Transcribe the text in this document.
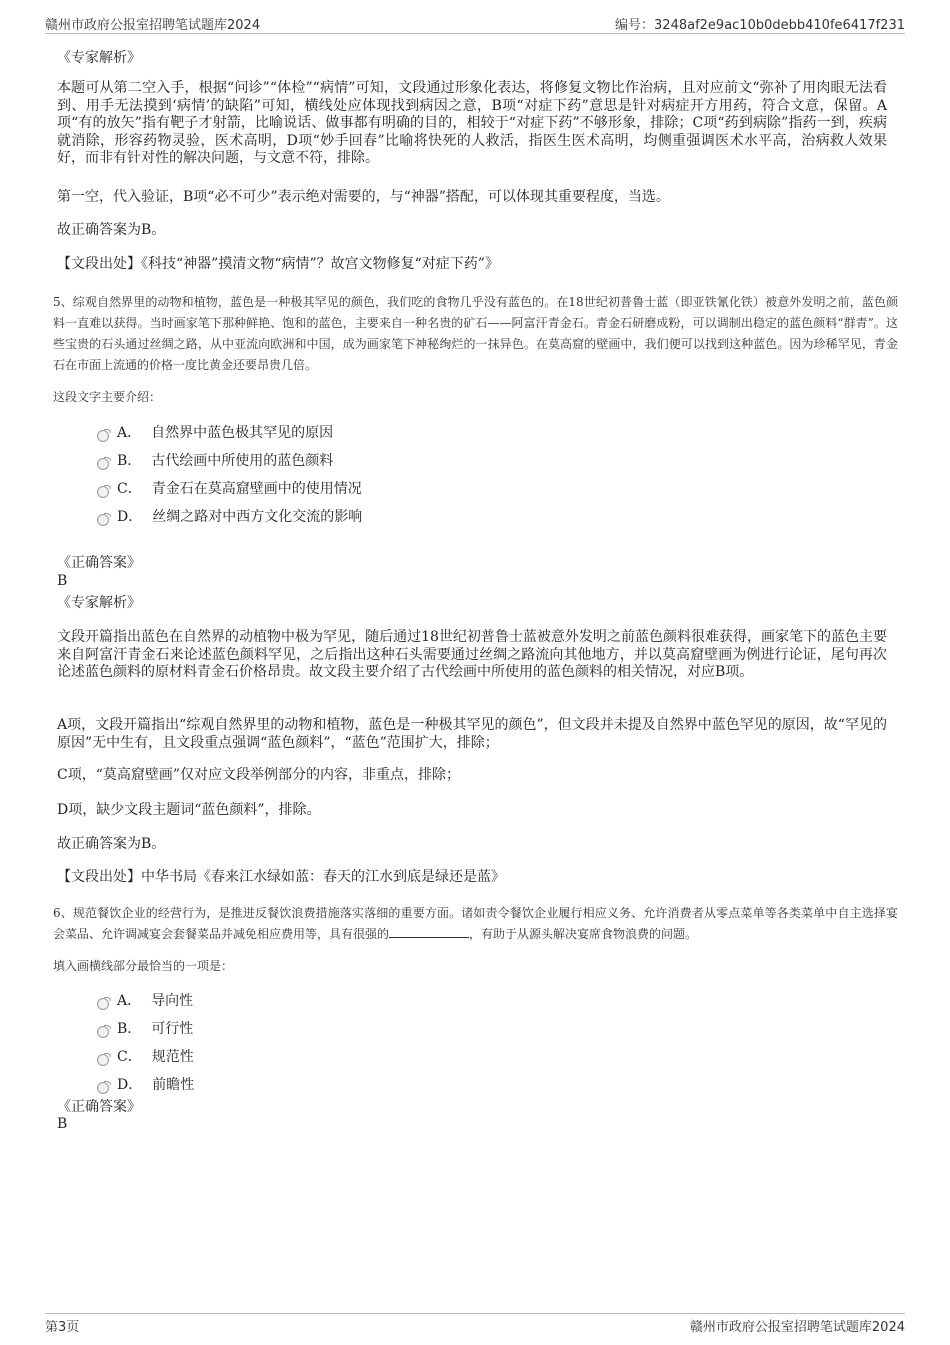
赣州市政府公报室招聘笔试题库2024	编号：3248af2e9ac10b0debb410fe6417f231
《专家解析》
本题可从第二空入手，根据“问诊”“体检”“病情”可知，文段通过形象化表达，将修复文物比作治病，且对应前文“弥补了用肉眼无法看到、用手无法摸到‘病情’的缺陷”可知，横线处应体现找到病因之意，B项“对症下药”意思是针对病症开方用药，符合文意，保留。A项“有的放矢”指有靶子才射箭，比喻说话、做事都有明确的目的，相较于“对症下药”不够形象，排除；C项“药到病除”指药一到，疾病就消除，形容药物灵验，医术高明，D项“妙手回春”比喻将快死的人救活，指医生医术高明，均侧重强调医术水平高，治病救人效果好，而非有针对性的解决问题，与文意不符，排除。
第一空，代入验证，B项“必不可少”表示绝对需要的，与“神器”搭配，可以体现其重要程度，当选。
故正确答案为B。
【文段出处】《科技“神器”摸清文物“病情”？故宫文物修复“对症下药”》
5、综观自然界里的动物和植物，蓝色是一种极其罕见的颜色，我们吃的食物几乎没有蓝色的。在18世纪初普鲁士蓝（即亚铁氰化铁）被意外发明之前，蓝色颜料一直难以获得。当时画家笔下那种鲜艳、饱和的蓝色，主要来自一种名贵的矿石——阿富汗青金石。青金石研磨成粉，可以调制出稳定的蓝色颜料“群青”。这些宝贵的石头通过丝绸之路，从中亚流向欧洲和中国，成为画家笔下神秘绚烂的一抹异色。在莫高窟的壁画中，我们便可以找到这种蓝色。因为珍稀罕见，青金石在市面上流通的价格一度比黄金还要昂贵几倍。
这段文字主要介绍：
A． 自然界中蓝色极其罕见的原因
B． 古代绘画中所使用的蓝色颜料
C． 青金石在莫高窟壁画中的使用情况
D． 丝绸之路对中西方文化交流的影响
《正确答案》
B
《专家解析》
文段开篇指出蓝色在自然界的动植物中极为罕见，随后通过18世纪初普鲁士蓝被意外发明之前蓝色颜料很难获得，画家笔下的蓝色主要来自阿富汗青金石来论述蓝色颜料罕见，之后指出这种石头需要通过丝绸之路流向其他地方，并以莫高窟壁画为例进行论证，尾句再次论述蓝色颜料的原材料青金石价格昂贵。故文段主要介绍了古代绘画中所使用的蓝色颜料的相关情况，对应B项。
A项，文段开篇指出“综观自然界里的动物和植物，蓝色是一种极其罕见的颜色”，但文段并未提及自然界中蓝色罕见的原因，故“罕见的原因”无中生有，且文段重点强调“蓝色颜料”，“蓝色”范围扩大，排除；
C项，“莫高窟壁画”仅对应文段举例部分的内容，非重点，排除；
D项，缺少文段主题词“蓝色颜料”，排除。
故正确答案为B。
【文段出处】中华书局《春来江水绿如蓝：春天的江水到底是绿还是蓝》
6、规范餐饮企业的经营行为，是推进反餐饮浪费措施落实落细的重要方面。诸如责令餐饮企业履行相应义务、允许消费者从零点菜单等各类菜单中自主选择宴会菜品、允许调减宴会套餐菜品并减免相应费用等，具有很强的	，有助于从源头解决宴席食物浪费的问题。
填入画横线部分最恰当的一项是：
A． 导向性
B． 可行性
C． 规范性
D． 前瞻性
《正确答案》
B
第3页	赣州市政府公报室招聘笔试题库2024
